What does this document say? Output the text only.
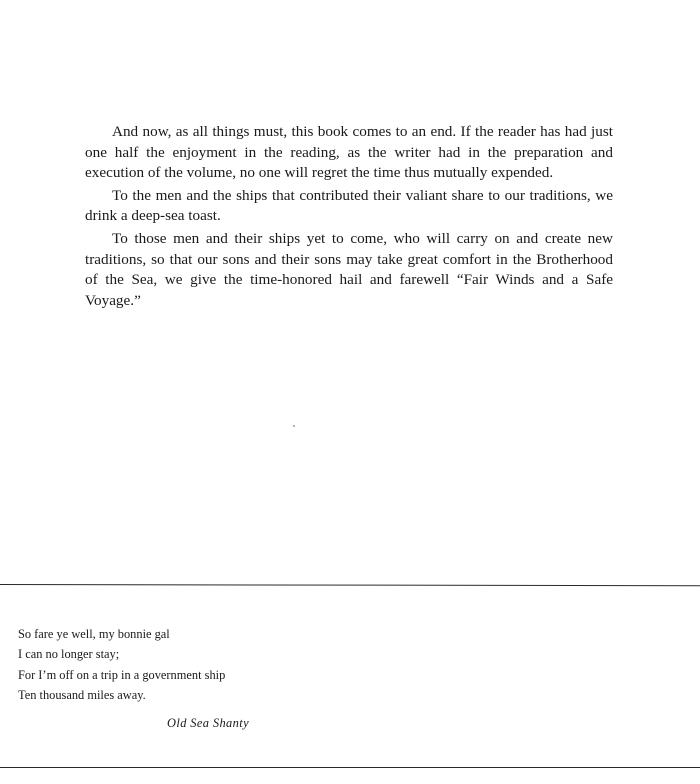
And now, as all things must, this book comes to an end. If the reader has had just one half the enjoyment in the reading, as the writer had in the preparation and execution of the volume, no one will regret the time thus mutually expended.

To the men and the ships that contributed their valiant share to our traditions, we drink a deep-sea toast.

To those men and their ships yet to come, who will carry on and create new traditions, so that our sons and their sons may take great comfort in the Brotherhood of the Sea, we give the time-honored hail and farewell “Fair Winds and a Safe Voyage.”

So fare ye well, my bonnie gal
I can no longer stay;
For I’m off on a trip in a government ship
Ten thousand miles away.
Old Sea Shanty
